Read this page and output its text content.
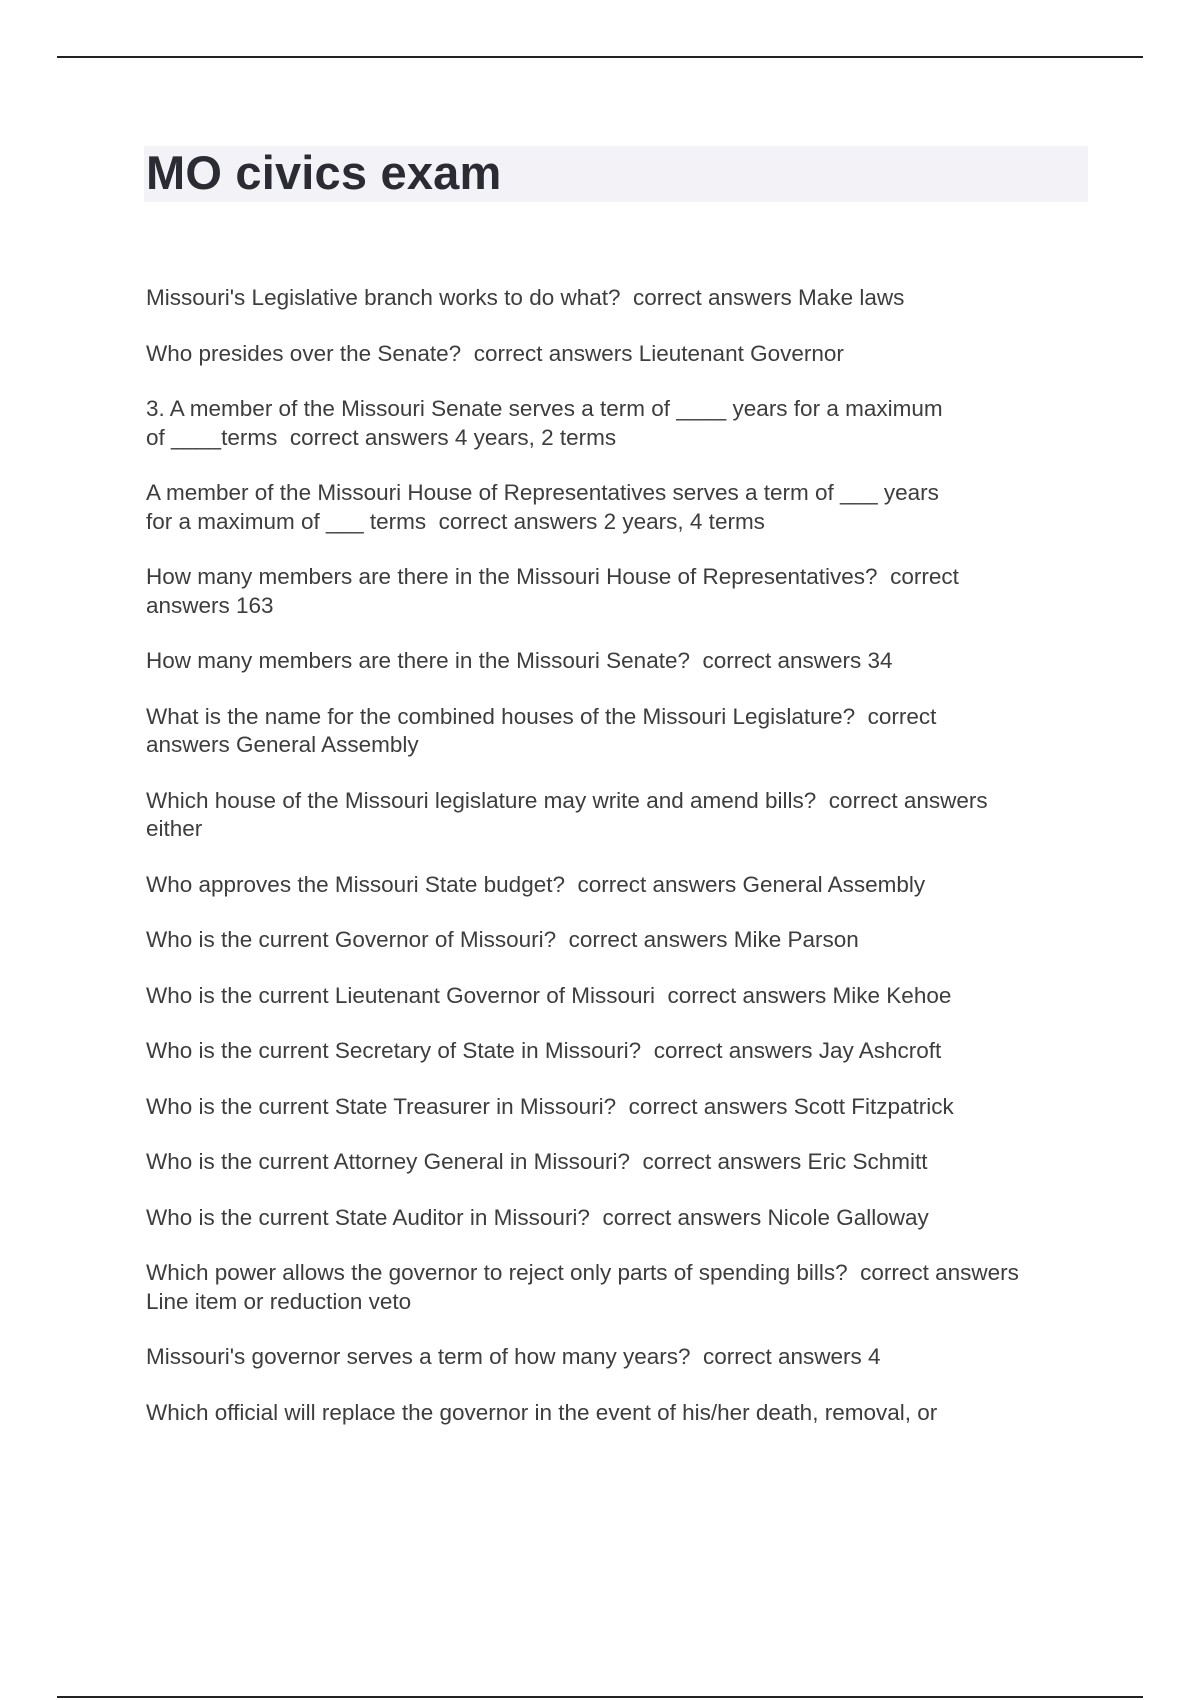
MO civics exam
Missouri's Legislative branch works to do what?  correct answers Make laws
Who presides over the Senate?  correct answers Lieutenant Governor
3. A member of the Missouri Senate serves a term of ____ years for a maximum
of ____terms  correct answers 4 years, 2 terms
A member of the Missouri House of Representatives serves a term of ___ years
for a maximum of ___ terms  correct answers 2 years, 4 terms
How many members are there in the Missouri House of Representatives?  correct
answers 163
How many members are there in the Missouri Senate?  correct answers 34
What is the name for the combined houses of the Missouri Legislature?  correct
answers General Assembly
Which house of the Missouri legislature may write and amend bills?  correct answers
either
Who approves the Missouri State budget?  correct answers General Assembly
Who is the current Governor of Missouri?  correct answers Mike Parson
Who is the current Lieutenant Governor of Missouri  correct answers Mike Kehoe
Who is the current Secretary of State in Missouri?  correct answers Jay Ashcroft
Who is the current State Treasurer in Missouri?  correct answers Scott Fitzpatrick
Who is the current Attorney General in Missouri?  correct answers Eric Schmitt
Who is the current State Auditor in Missouri?  correct answers Nicole Galloway
Which power allows the governor to reject only parts of spending bills?  correct answers
Line item or reduction veto
Missouri's governor serves a term of how many years?  correct answers 4
Which official will replace the governor in the event of his/her death, removal, or
